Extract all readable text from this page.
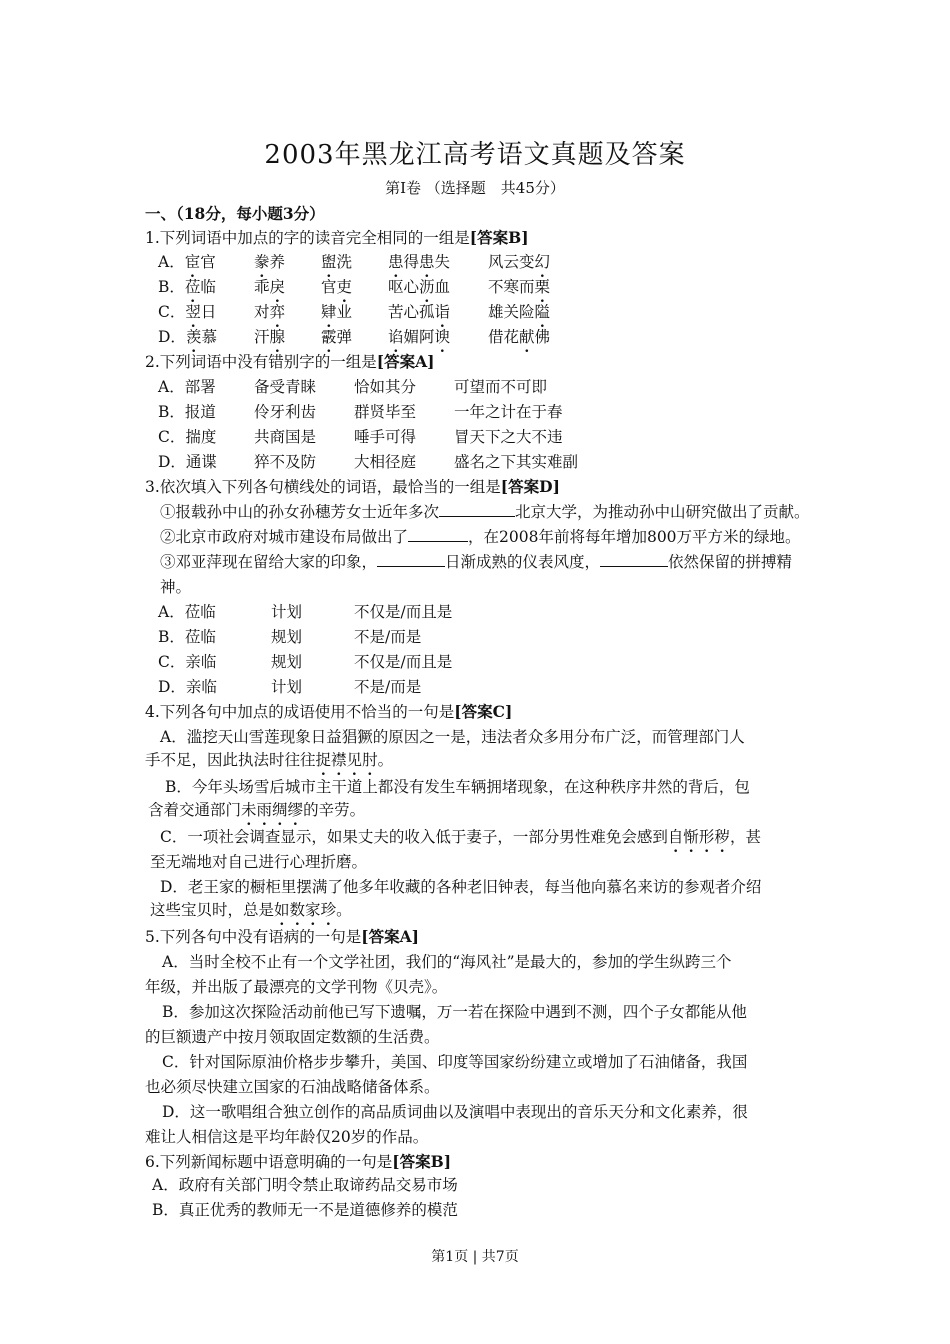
2003年黑龙江高考语文真题及答案
第Ⅰ卷 （选择题　共45分）
一、（18分，每小题3分）
1.下列词语中加点的字的读音完全相同的一组是[答案B]
A．宦官 豢养 盥洗 患得患失 风云变幻
B．莅临 乖戾 官吏 呕心沥血 不寒而栗
C．翌日 对弈 肄业 苦心孤诣 雄关险隘
D．羡慕 汗腺 霰弹 谄媚阿谀 借花献佛
2.下列词语中没有错别字的一组是[答案A]
A．部署 备受青睐 恰如其分 可望而不可即
B．报道 伶牙利齿 群贤毕至 一年之计在于春
C．揣度 共商国是 唾手可得 冒天下之大不违
D．通谍 猝不及防 大相径庭 盛名之下其实难副
3.依次填入下列各句横线处的词语，最恰当的一组是[答案D]
①报载孙中山的孙女孙穗芳女士近年多次	北京大学，为推动孙中山研究做出了贡献。
②北京市政府对城市建设布局做出了	，在2008年前将每年增加800万平方米的绿地。
③邓亚萍现在留给大家的印象，	日渐成熟的仪表风度，	依然保留的拼搏精
神。
A．莅临	计划	不仅是/而且是
B．莅临	规划	不是/而是
C．亲临	规划	不仅是/而且是
D．亲临	计划	不是/而是
4.下列各句中加点的成语使用不恰当的一句是[答案C]
A．滥挖天山雪莲现象日益猖獗的原因之一是，违法者众多用分布广泛，而管理部门人
手不足，因此执法时往往捉襟见肘。
B．今年头场雪后城市主干道上都没有发生车辆拥堵现象，在这种秩序井然的背后，包
含着交通部门未雨绸缪的辛劳。
C．一项社会调查显示，如果丈夫的收入低于妻子，一部分男性难免会感到自惭形秽，甚
至无端地对自己进行心理折磨。
D．老王家的橱柜里摆满了他多年收藏的各种老旧钟表，每当他向慕名来访的参观者介绍
这些宝贝时，总是如数家珍。
5.下列各句中没有语病的一句是[答案A]
A．当时全校不止有一个文学社团，我们的“海风社”是最大的，参加的学生纵跨三个
年级，并出版了最漂亮的文学刊物《贝壳》。
B．参加这次探险活动前他已写下遗嘱，万一若在探险中遇到不测，四个子女都能从他
的巨额遗产中按月领取固定数额的生活费。
C．针对国际原油价格步步攀升，美国、印度等国家纷纷建立或增加了石油储备，我国
也必须尽快建立国家的石油战略储备体系。
D．这一歌唱组合独立创作的高品质词曲以及演唱中表现出的音乐天分和文化素养，很
难让人相信这是平均年龄仅20岁的作品。
6.下列新闻标题中语意明确的一句是[答案B]
A．政府有关部门明令禁止取谛药品交易市场
B．真正优秀的教师无一不是道德修养的模范
第1页 | 共7页
